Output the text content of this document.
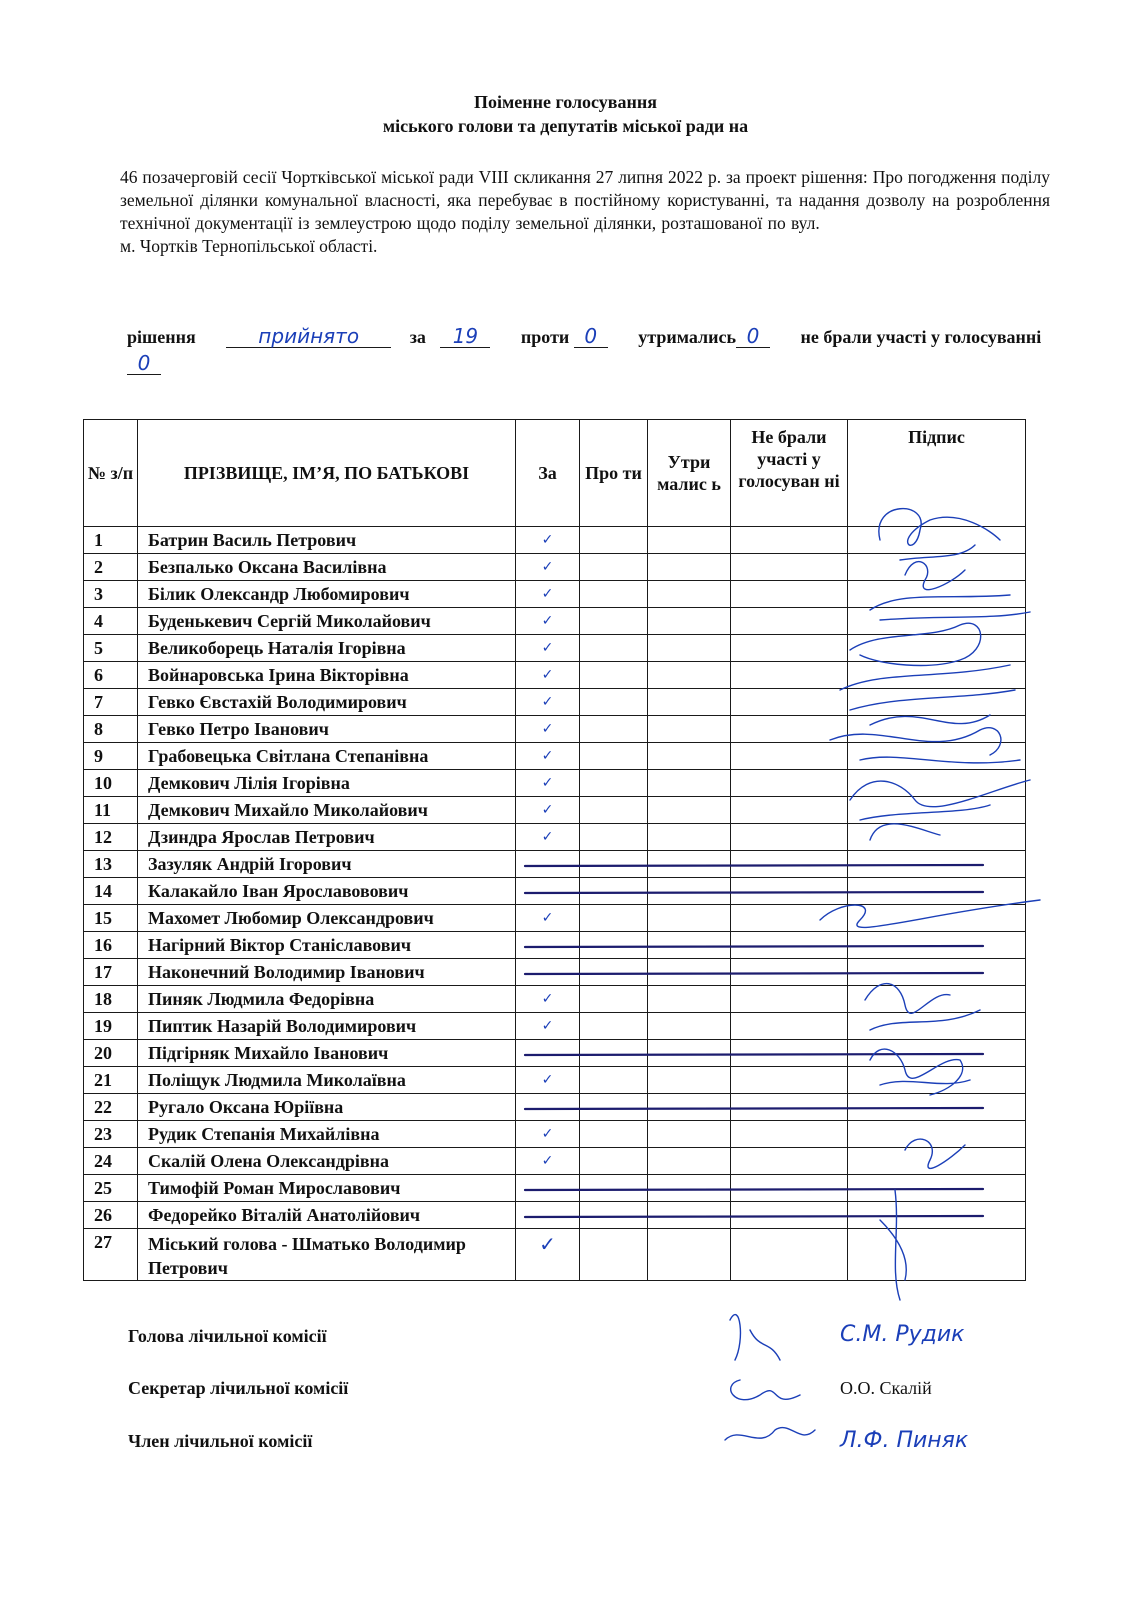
Поіменне голосування
міського голови та депутатів міської ради на
46 позачерговій сесії Чортківської міської ради VIII скликання 27 липня 2022 р. за проект рішення: Про погодження поділу земельної ділянки комунальної власності, яка перебуває в постійному користуванні, та надання дозволу на розроблення технічної документації із землеустрою щодо поділу земельної ділянки, розташованої по вул.  м. Чортків Тернопільської області.
рішення	прийнято	за 19 проти 0 утримались 0 не брали участі у голосуванні0
№ з/п	ПРІЗВИЩЕ, ІМ’Я, ПО БАТЬКОВІ	За	Про ти	Утри малис ь	Не брали участі у голосуван ні	Підпис
1	Батрин Василь Петрович	✓				
2	Безпалько Оксана Василівна	✓				
3	Білик Олександр Любомирович	✓				
4	Буденькевич Сергій Миколайович	✓				
5	Великоборець Наталія Ігорівна	✓				
6	Войнаровська Ірина Вікторівна	✓				
7	Гевко Євстахій Володимирович	✓				
8	Гевко Петро Іванович	✓				
9	Грабовецька Світлана Степанівна	✓				
10	Демкович Лілія Ігорівна	✓				
11	Демкович Михайло Миколайович	✓				
12	Дзиндра Ярослав Петрович	✓				
13	Зазуляк Андрій Ігорович					
14	Калакайло Іван Ярославовович					
15	Махомет Любомир Олександрович	✓				
16	Нагірний Віктор Станіславович					
17	Наконечний Володимир Іванович					
18	Пиняк Людмила Федорівна	✓				
19	Пиптик Назарій Володимирович	✓				
20	Підгірняк Михайло Іванович					
21	Поліщук Людмила Миколаївна	✓				
22	Ругало Оксана Юріївна					
23	Рудик Степанія Михайлівна	✓				
24	Скалій Олена Олександрівна	✓				
25	Тимофій Роман Мирославович					
26	Федорейко Віталій Анатолійович					
27	Міський голова - Шматько Володимир Петрович	✓				
Голова лічильної комісії
Секретар лічильної комісії
Член лічильної комісії
С.М. Рудик
О.О. Скалій
Л.Ф. Пиняк
